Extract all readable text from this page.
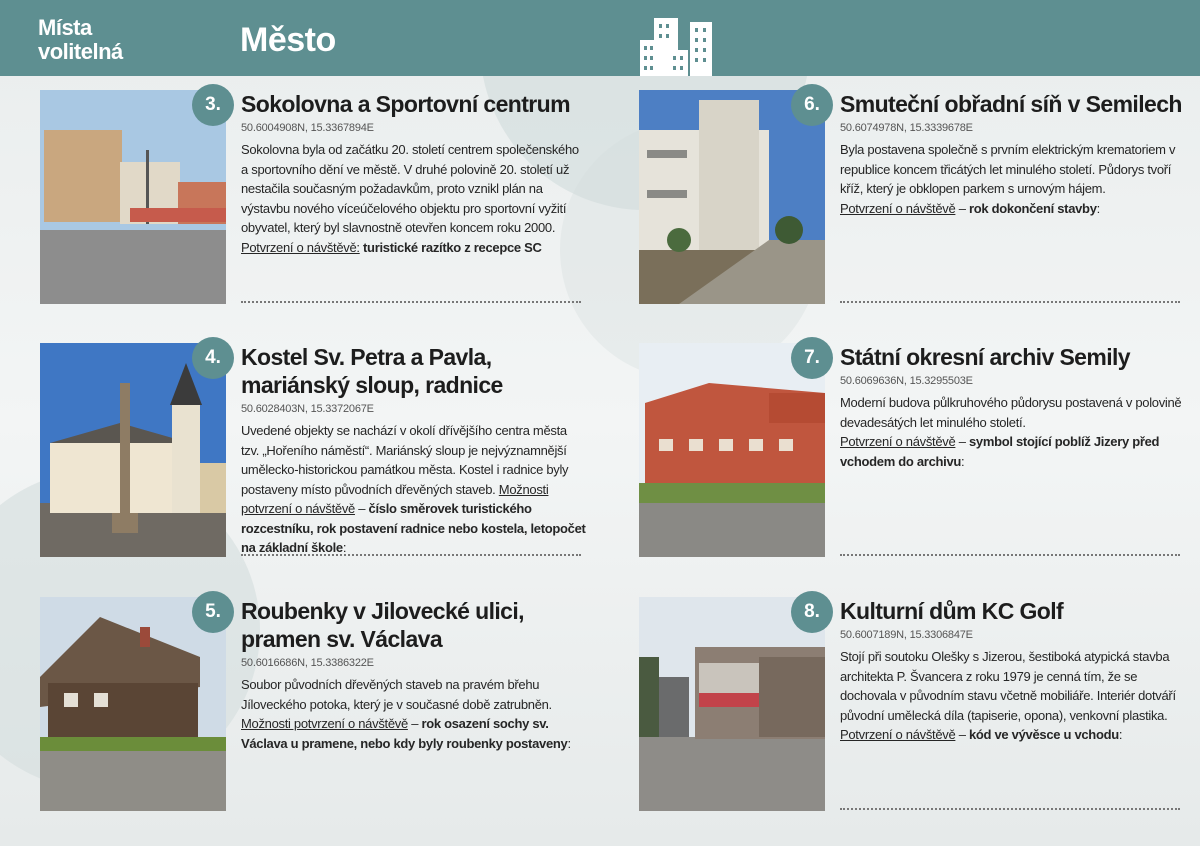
Místa
volitelná	Město
3. Sokolovna a Sportovní centrum
50.6004908N, 15.3367894E
Sokolovna byla od začátku 20. století centrem společenského a sportovního dění ve městě. V druhé polovině 20. století už nestačila současným požadavkům, proto vznikl plán na výstavbu nového víceúčelového objektu pro sportovní vyžití obyvatel, který byl slavnostně otevřen koncem roku 2000.
Potvrzení o návštěvě: turistické razítko z recepce SC
4. Kostel Sv. Petra a Pavla, mariánský sloup, radnice
50.6028403N, 15.3372067E
Uvedené objekty se nachází v okolí dřívějšího centra města tzv. „Hořeního náměstí“. Mariánský sloup je nejvýznamnější umělecko-historickou památkou města. Kostel i radnice byly postaveny místo původních dřevěných staveb. Možnosti potvrzení o návštěvě – číslo směrovek turistického rozcestníku, rok postavení radnice nebo kostela, letopočet na základní škole:
5. Roubenky v Jilovecké ulici, pramen sv. Václava
50.6016686N, 15.3386322E
Soubor původních dřevěných staveb na pravém břehu Jíloveckého potoka, který je v současné době zatrubněn.
Možnosti potvrzení o návštěvě – rok osazení sochy sv. Václava u pramene, nebo kdy byly roubenky postaveny:
6. Smuteční obřadní síň v Semilech
50.6074978N, 15.3339678E
Byla postavena společně s prvním elektrickým krematoriem v republice koncem třicátých let minulého století. Půdorys tvoří kříž, který je obklopen parkem s urnovým hájem.
Potvrzení o návštěvě – rok dokončení stavby:
7. Státní okresní archiv Semily
50.6069636N, 15.3295503E
Moderní budova půlkruhového půdorysu postavená v polovině devadesátých let minulého století.
Potvrzení o návštěvě – symbol stojící poblíž Jizery před vchodem do archivu:
8. Kulturní dům KC Golf
50.6007189N, 15.3306847E
Stojí při soutoku Olešky s Jizerou, šestiboká atypická stavba architekta P. Švancera z roku 1979 je cenná tím, že se dochovala v původním stavu včetně mobiliáře. Interiér dotváří původní umělecká díla (tapiserie, opona), venkovní plastika.
Potvrzení o návštěvě – kód ve vývěsce u vchodu:
